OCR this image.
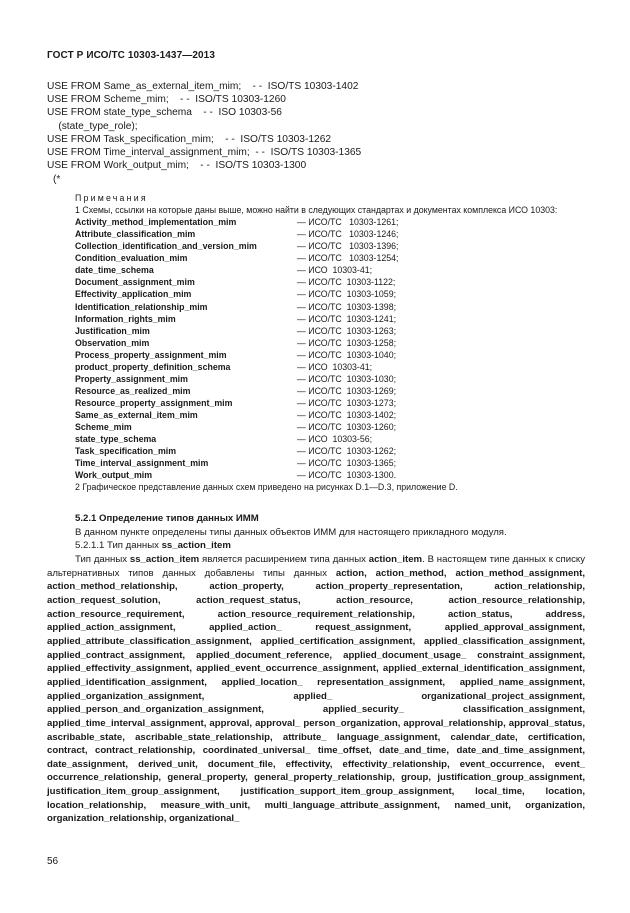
ГОСТ Р ИСО/ТС 10303-1437—2013
USE FROM Same_as_external_item_mim;    - -  ISO/TS 10303-1402
USE FROM Scheme_mim;    - -  ISO/TS 10303-1260
USE FROM state_type_schema    - -  ISO 10303-56
(state_type_role);
USE FROM Task_specification_mim;    - -  ISO/TS 10303-1262
USE FROM Time_interval_assignment_mim;  - -  ISO/TS 10303-1365
USE FROM Work_output_mim;    - -  ISO/TS 10303-1300
(*
Примечания
1 Схемы, ссылки на которые даны выше, можно найти в следующих стандартах и документах комплекса ИСО 10303:
Activity_method_implementation_mim	— ИСО/ТС   10303-1261;
Attribute_classification_mim	— ИСО/ТС   10303-1246;
Collection_identification_and_version_mim	— ИСО/ТС   10303-1396;
Condition_evaluation_mim	— ИСО/ТС   10303-1254;
date_time_schema	— ИСО  10303-41;
Document_assignment_mim	— ИСО/ТС  10303-1122;
Effectivity_application_mim	— ИСО/ТС  10303-1059;
Identification_relationship_mim	— ИСО/ТС  10303-1398;
Information_rights_mim	— ИСО/ТС  10303-1241;
Justification_mim	— ИСО/ТС  10303-1263;
Observation_mim	— ИСО/ТС  10303-1258;
Process_property_assignment_mim	— ИСО/ТС  10303-1040;
product_property_definition_schema	— ИСО  10303-41;
Property_assignment_mim	— ИСО/ТС  10303-1030;
Resource_as_realized_mim	— ИСО/ТС  10303-1269;
Resource_property_assignment_mim	— ИСО/ТС  10303-1273;
Same_as_external_item_mim	— ИСО/ТС  10303-1402;
Scheme_mim	— ИСО/ТС  10303-1260;
state_type_schema	— ИСО  10303-56;
Task_specification_mim	— ИСО/ТС  10303-1262;
Time_interval_assignment_mim	— ИСО/ТС  10303-1365;
Work_output_mim	— ИСО/ТС  10303-1300.
2 Графическое представление данных схем приведено на рисунках D.1—D.3, приложение D.
5.2.1 Определение типов данных ИММ
В данном пункте определены типы данных объектов ИММ для настоящего прикладного модуля.
5.2.1.1 Тип данных ss_action_item
Тип данных ss_action_item является расширением типа данных action_item. В настоящем типе данных к списку альтернативных типов данных добавлены типы данных action, action_method, action_method_assignment, action_method_relationship, action_property, action_property_representation, action_relationship, action_request_solution, action_request_status, action_resource, action_resource_relationship, action_resource_requirement, action_resource_requirement_relationship, action_status, address, applied_action_assignment, applied_action_ request_assignment, applied_approval_assignment, applied_attribute_classification_assignment, applied_certification_assignment, applied_classification_assignment, applied_contract_assignment, applied_document_reference, applied_document_usage_ constraint_assignment, applied_effectivity_assignment, applied_event_occurrence_assignment, applied_external_identification_assignment, applied_identification_assignment, applied_location_ representation_assignment, applied_name_assignment, applied_organization_assignment, applied_ organizational_project_assignment, applied_person_and_organization_assignment, applied_security_ classification_assignment, applied_time_interval_assignment, approval, approval_ person_organization, approval_relationship, approval_status, ascribable_state, ascribable_state_relationship, attribute_ language_assignment, calendar_date, certification, contract, contract_relationship, coordinated_universal_ time_offset, date_and_time, date_and_time_assignment, date_assignment, derived_unit, document_file, effectivity, effectivity_relationship, event_occurrence, event_ occurrence_relationship, general_property, general_property_relationship, group, justification_group_assignment, justification_item_group_assignment, justification_support_item_group_assignment, local_time, location, location_relationship, measure_with_unit, multi_language_attribute_assignment, named_unit, organization, organization_relationship, organizational_
56
